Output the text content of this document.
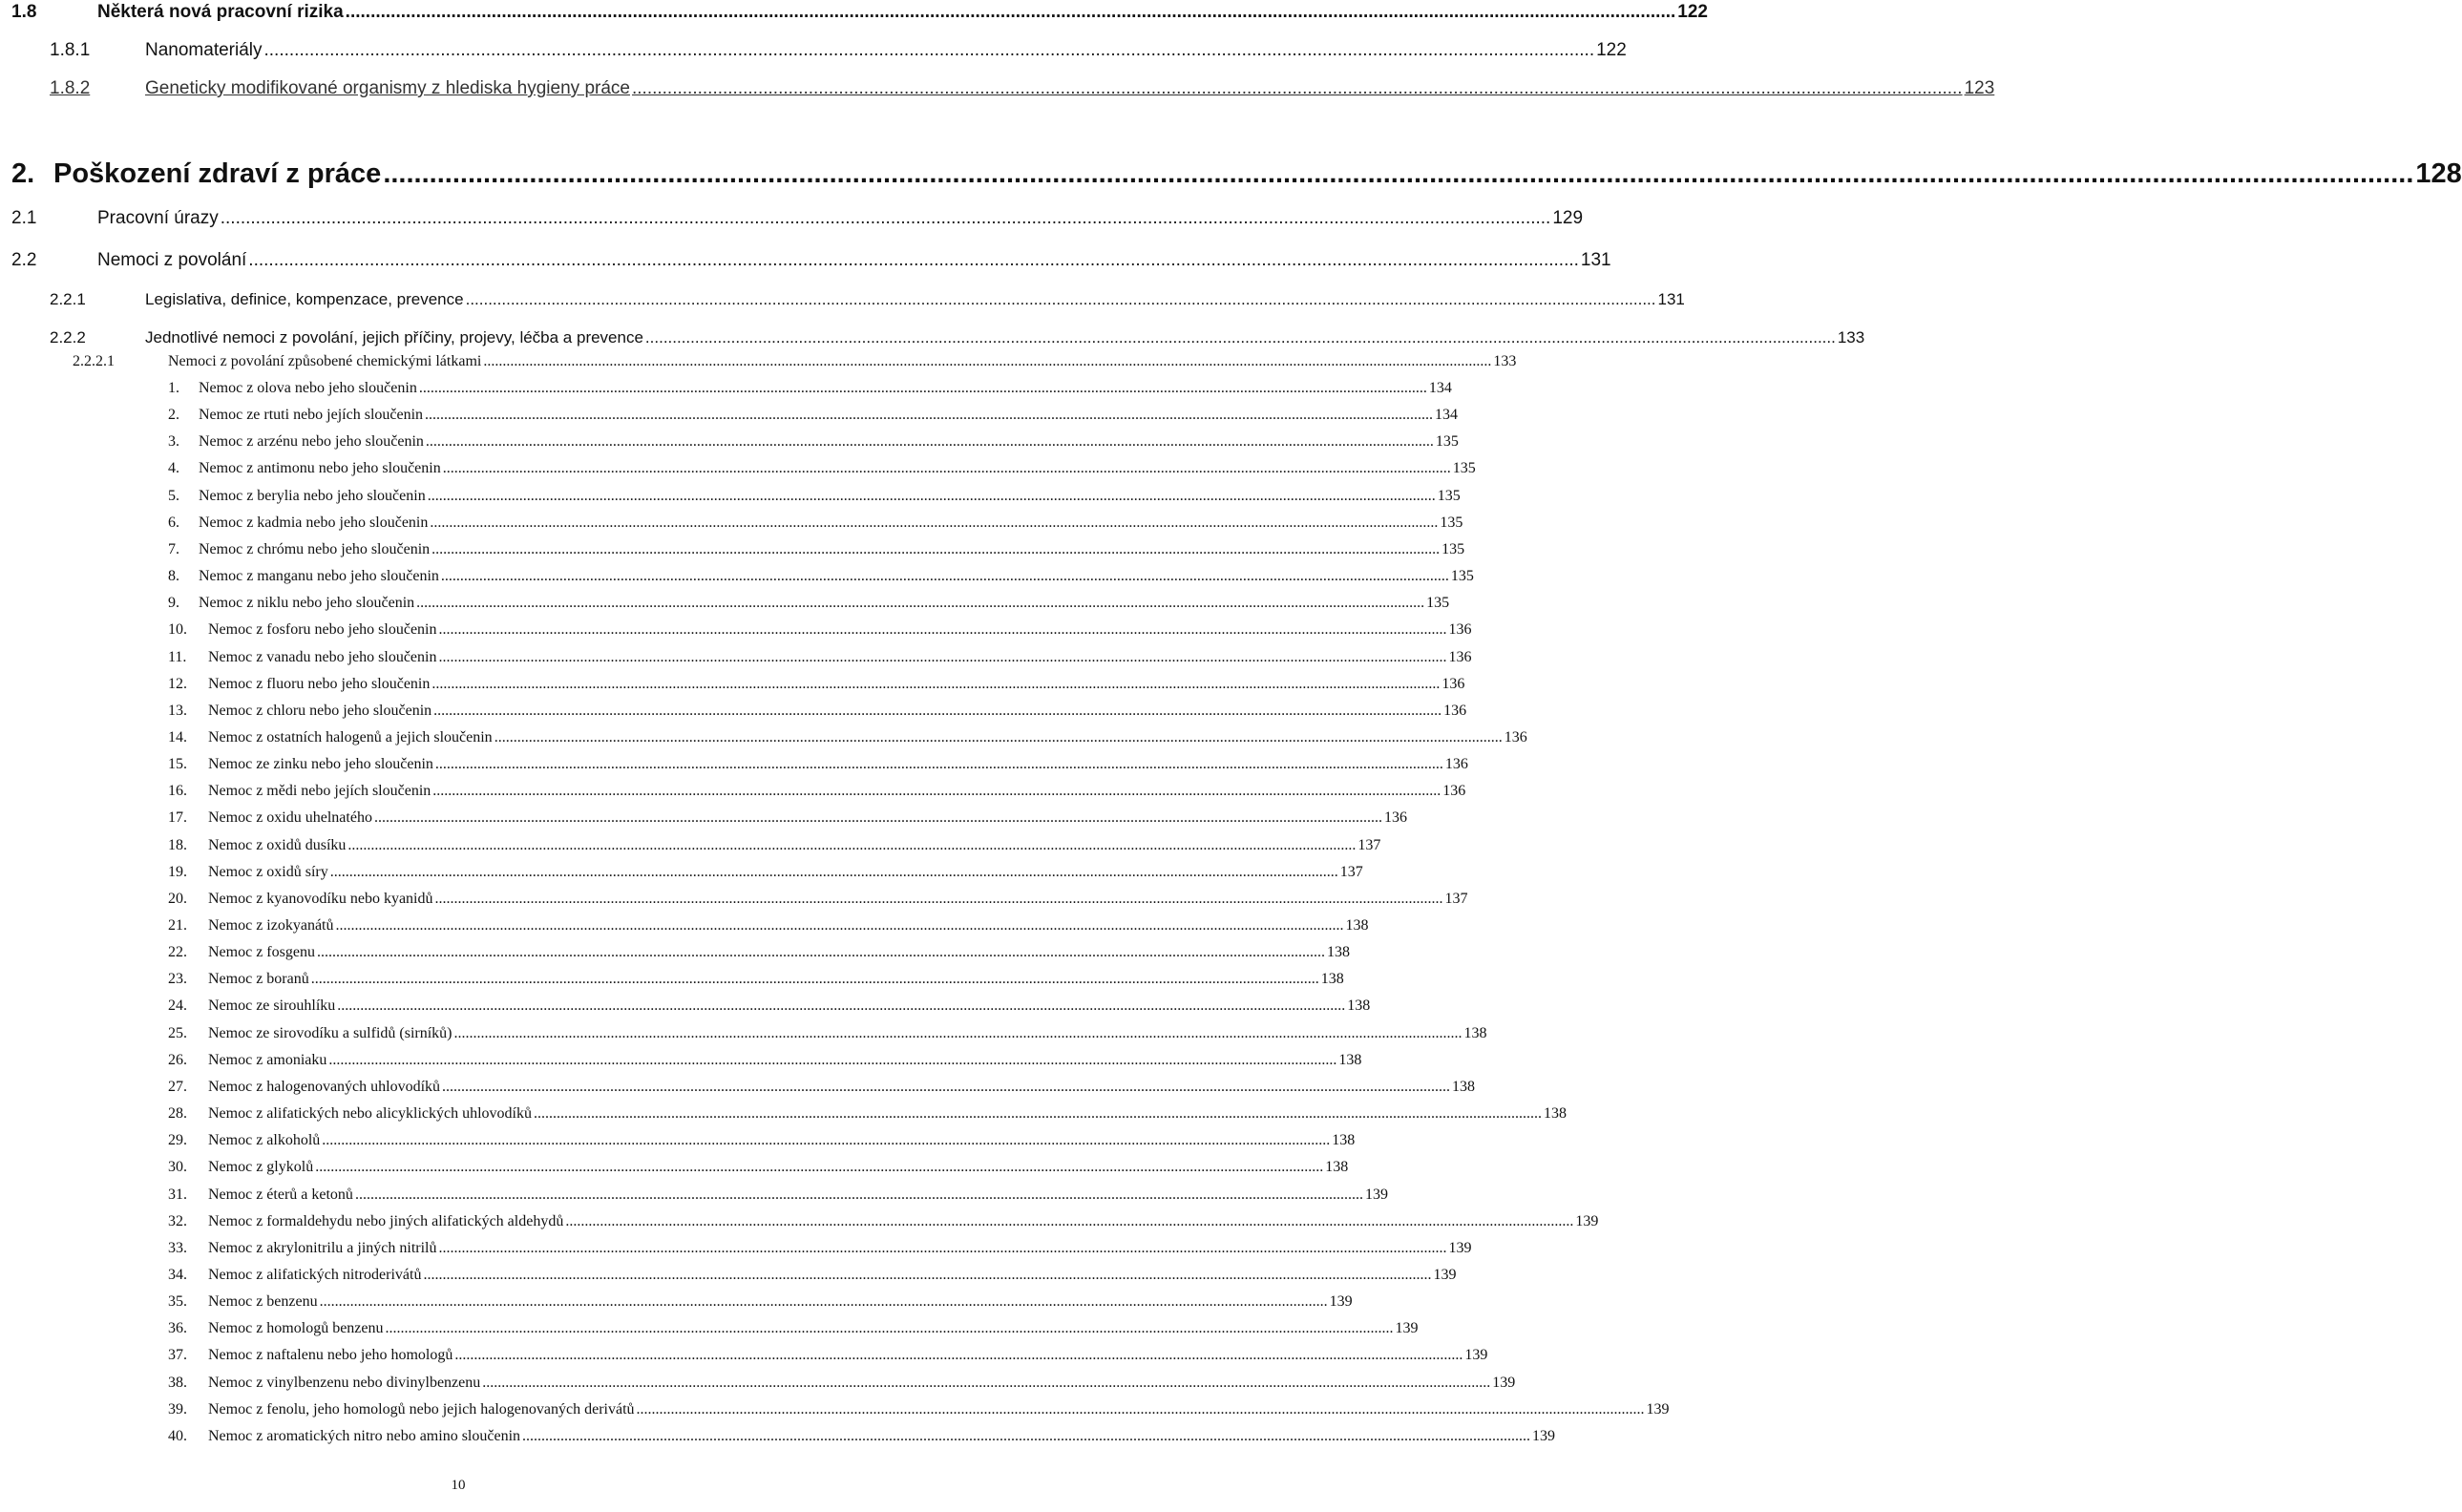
1.8	Některá nová pracovní rizika .....	122
1.8.1	Nanomateriály .....	122
1.8.2	Geneticky modifikované organismy z hlediska hygieny práce .....	123
2. Poškození zdraví z práce .....	128
2.1	Pracovní úrazy .....	129
2.2	Nemoci z povolání .....	131
2.2.1	Legislativa, definice, kompenzace, prevence .....	131
2.2.2	Jednotlivé nemoci z povolání, jejich příčiny, projevy, léčba a prevence .....	133
2.2.2.1	Nemoci z povolání způsobené chemickými látkami .....	133
1.	Nemoc z olova nebo jeho sloučenin .....	134
2.	Nemoc ze rtuti nebo jejích sloučenin .....	134
3.	Nemoc z arzénu nebo jeho sloučenin .....	135
4.	Nemoc z antimonu nebo jeho sloučenin .....	135
5.	Nemoc z berylia nebo jeho sloučenin .....	135
6.	Nemoc z kadmia nebo jeho sloučenin .....	135
7.	Nemoc z chrómu nebo jeho sloučenin .....	135
8.	Nemoc z manganu nebo jeho sloučenin .....	135
9.	Nemoc z niklu nebo jeho sloučenin .....	135
10.	Nemoc z fosforu nebo jeho sloučenin .....	136
11.	Nemoc z vanadu nebo jeho sloučenin .....	136
12.	Nemoc z fluoru nebo jeho sloučenin .....	136
13.	Nemoc z chloru nebo jeho sloučenin .....	136
14.	Nemoc z ostatních halogenů a jejich sloučenin .....	136
15.	Nemoc ze zinku nebo jeho sloučenin .....	136
16.	Nemoc z mědi nebo jejích sloučenin .....	136
17.	Nemoc z oxidu uhelnatého .....	136
18.	Nemoc z oxidů dusíku .....	137
19.	Nemoc z oxidů síry .....	137
20.	Nemoc z kyanovodíku nebo kyanidů .....	137
21.	Nemoc z izokyanátů .....	138
22.	Nemoc z fosgenu .....	138
23.	Nemoc z boranů .....	138
24.	Nemoc ze sirouhlíku .....	138
25.	Nemoc ze sirovodíku a sulfidů (sirníků) .....	138
26.	Nemoc z amoniaku .....	138
27.	Nemoc z halogenovaných uhlovodíků .....	138
28.	Nemoc z alifatických nebo alicyklických uhlovodíků .....	138
29.	Nemoc z alkoholů .....	138
30.	Nemoc z glykolů .....	138
31.	Nemoc z éterů a ketonů .....	139
32.	Nemoc z formaldehydu nebo jiných alifatických aldehydů .....	139
33.	Nemoc z akrylonitrilu a jiných nitrilů .....	139
34.	Nemoc z alifatických nitroderivátů .....	139
35.	Nemoc z benzenu .....	139
36.	Nemoc z homologů benzenu .....	139
37.	Nemoc z naftalenu nebo jeho homologů .....	139
38.	Nemoc z vinylbenzenu nebo divinylbenzenu .....	139
39.	Nemoc z fenolu, jeho homologů nebo jejich halogenovaných derivátů .....	139
40.	Nemoc z aromatických nitro nebo amino sloučenin .....	139
10
